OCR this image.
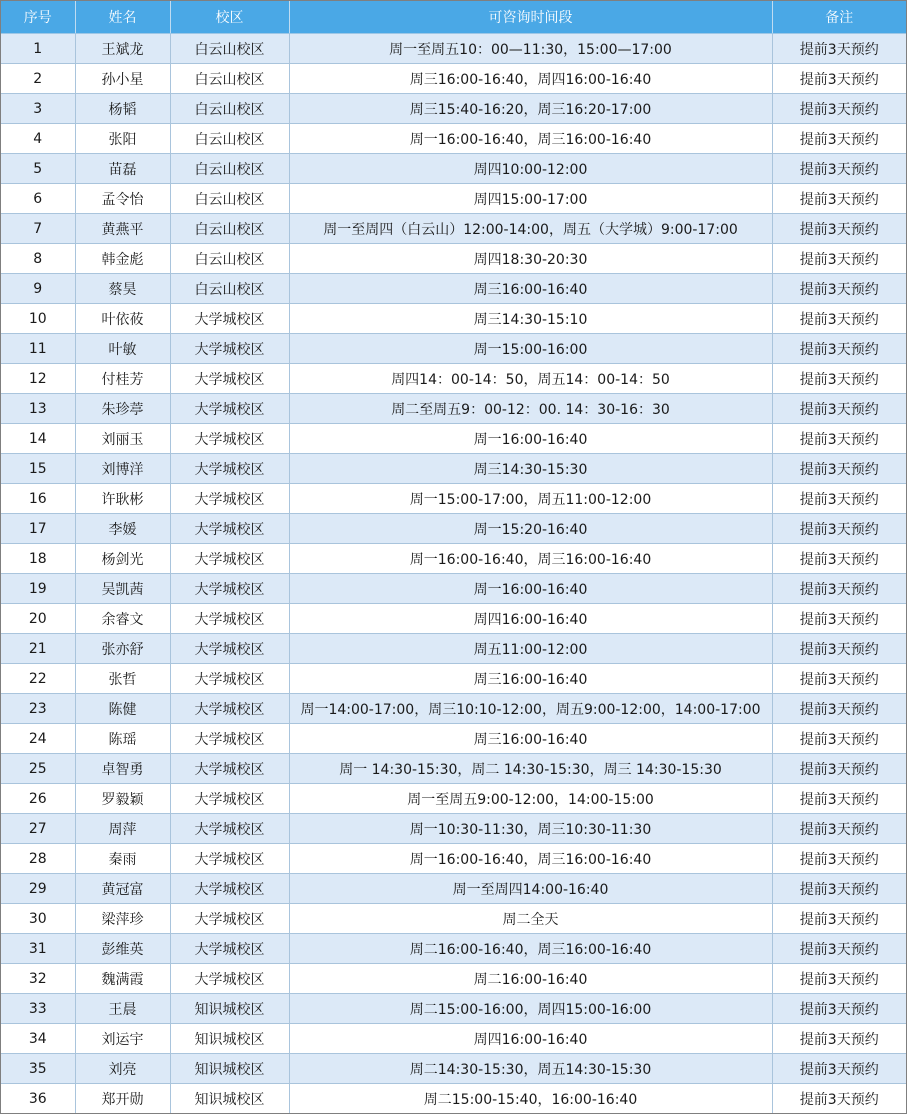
序号	姓名	校区	可咨询时间段	备注
1	王斌龙	白云山校区	周一至周五10：00—11:30，15:00—17:00	提前3天预约
2	孙小星	白云山校区	周三16:00-16:40，周四16:00-16:40	提前3天预约
3	杨韬	白云山校区	周三15:40-16:20，周三16:20-17:00	提前3天预约
4	张阳	白云山校区	周一16:00-16:40，周三16:00-16:40	提前3天预约
5	苗磊	白云山校区	周四10:00-12:00	提前3天预约
6	孟令怡	白云山校区	周四15:00-17:00	提前3天预约
7	黄燕平	白云山校区	周一至周四（白云山）12:00-14:00，周五（大学城）9:00-17:00	提前3天预约
8	韩金彪	白云山校区	周四18:30-20:30	提前3天预约
9	蔡昊	白云山校区	周三16:00-16:40	提前3天预约
10	叶依莜	大学城校区	周三14:30-15:10	提前3天预约
11	叶敏	大学城校区	周一15:00-16:00	提前3天预约
12	付桂芳	大学城校区	周四14：00-14：50，周五14：00-14：50	提前3天预约
13	朱珍葶	大学城校区	周二至周五9：00-12：00. 14：30-16：30	提前3天预约
14	刘丽玉	大学城校区	周一16:00-16:40	提前3天预约
15	刘博洋	大学城校区	周三14:30-15:30	提前3天预约
16	许耿彬	大学城校区	周一15:00-17:00，周五11:00-12:00	提前3天预约
17	李媛	大学城校区	周一15:20-16:40	提前3天预约
18	杨剑光	大学城校区	周一16:00-16:40，周三16:00-16:40	提前3天预约
19	吴凯茜	大学城校区	周一16:00-16:40	提前3天预约
20	余睿文	大学城校区	周四16:00-16:40	提前3天预约
21	张亦舒	大学城校区	周五11:00-12:00	提前3天预约
22	张哲	大学城校区	周三16:00-16:40	提前3天预约
23	陈健	大学城校区	周一14:00-17:00，周三10:10-12:00，周五9:00-12:00，14:00-17:00	提前3天预约
24	陈瑶	大学城校区	周三16:00-16:40	提前3天预约
25	卓智勇	大学城校区	周一 14:30-15:30，周二 14:30-15:30，周三 14:30-15:30	提前3天预约
26	罗毅颖	大学城校区	周一至周五9:00-12:00，14:00-15:00	提前3天预约
27	周萍	大学城校区	周一10:30-11:30，周三10:30-11:30	提前3天预约
28	秦雨	大学城校区	周一16:00-16:40，周三16:00-16:40	提前3天预约
29	黄冠富	大学城校区	周一至周四14:00-16:40	提前3天预约
30	梁萍珍	大学城校区	周二全天	提前3天预约
31	彭维英	大学城校区	周二16:00-16:40，周三16:00-16:40	提前3天预约
32	魏满霞	大学城校区	周二16:00-16:40	提前3天预约
33	王晨	知识城校区	周二15:00-16:00，周四15:00-16:00	提前3天预约
34	刘运宇	知识城校区	周四16:00-16:40	提前3天预约
35	刘亮	知识城校区	周二14:30-15:30，周五14:30-15:30	提前3天预约
36	郑开勋	知识城校区	周二15:00-15:40，16:00-16:40	提前3天预约
